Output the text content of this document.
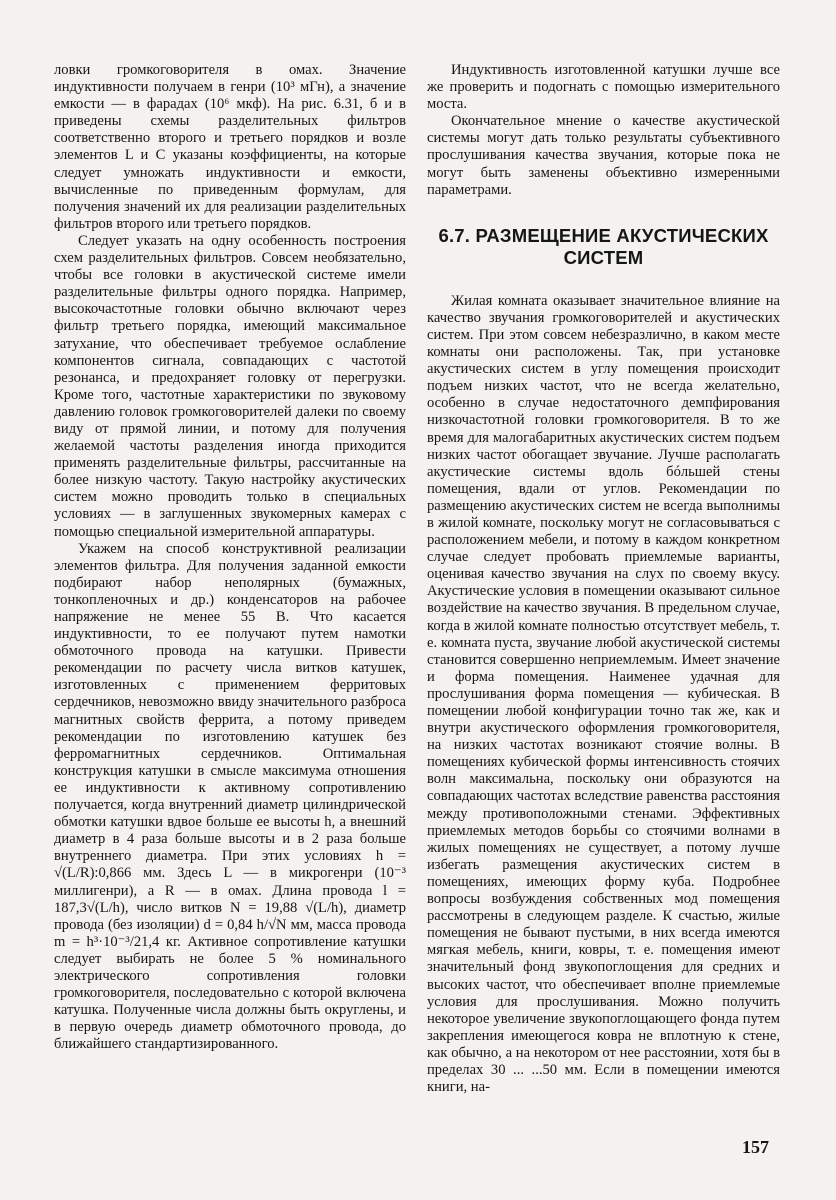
ловки громкоговорителя в омах. Значение индуктивности получаем в генри (10³ мГн), а значение емкости — в фарадах (10⁶ мкф). На рис. 6.31, б и в приведены схемы разделительных фильтров соответственно второго и третьего порядков и возле элементов L и C указаны коэффициенты, на которые следует умножать индуктивности и емкости, вычисленные по приведенным формулам, для получения значений их для реализации разделительных фильтров второго или третьего порядков.

Следует указать на одну особенность построения схем разделительных фильтров. Совсем необязательно, чтобы все головки в акустической системе имели разделительные фильтры одного порядка. Например, высокочастотные головки обычно включают через фильтр третьего порядка, имеющий максимальное затухание, что обеспечивает требуемое ослабление компонентов сигнала, совпадающих с частотой резонанса, и предохраняет головку от перегрузки. Кроме того, частотные характеристики по звуковому давлению головок громкоговорителей далеки по своему виду от прямой линии, и потому для получения желаемой частоты разделения иногда приходится применять разделительные фильтры, рассчитанные на более низкую частоту. Такую настройку акустических систем можно проводить только в специальных условиях — в заглушенных звукомерных камерах с помощью специальной измерительной аппаратуры.

Укажем на способ конструктивной реализации элементов фильтра. Для получения заданной емкости подбирают набор неполярных (бумажных, тонкопленочных и др.) конденсаторов на рабочее напряжение не менее 55 В. Что касается индуктивности, то ее получают путем намотки обмоточного провода на катушки. Привести рекомендации по расчету числа витков катушек, изготовленных с применением ферритовых сердечников, невозможно ввиду значительного разброса магнитных свойств феррита, а потому приведем рекомендации по изготовлению катушек без ферромагнитных сердечников. Оптимальная конструкция катушки в смысле максимума отношения ее индуктивности к активному сопротивлению получается, когда внутренний диаметр цилиндрической обмотки катушки вдвое больше ее высоты h, а внешний диаметр в 4 раза больше высоты и в 2 раза больше внутреннего диаметра. При этих условиях h = √(L/R):0,866 мм. Здесь L — в микрогенри (10⁻³ миллигенри), а R — в омах. Длина провода l = 187,3√(L/h), число витков N = 19,88 √(L/h), диаметр провода (без изоляции) d = 0,84 h/√N мм, масса провода m = h³·10⁻³/21,4 кг. Активное сопротивление катушки следует выбирать не более 5 % номинального электрического сопротивления головки громкоговорителя, последовательно с которой включена катушка. Полученные числа должны быть округлены, и в первую очередь диаметр обмоточного провода, до ближайшего стандартизированного.

Индуктивность изготовленной катушки лучше все же проверить и подогнать с помощью измерительного моста.

Окончательное мнение о качестве акустической системы могут дать только результаты субъективного прослушивания качества звучания, которые пока не могут быть заменены объективно измеренными параметрами.

6.7. РАЗМЕЩЕНИЕ АКУСТИЧЕСКИХ
СИСТЕМ

Жилая комната оказывает значительное влияние на качество звучания громкоговорителей и акустических систем. При этом совсем небезразлично, в каком месте комнаты они расположены. Так, при установке акустических систем в углу помещения происходит подъем низких частот, что не всегда желательно, особенно в случае недостаточного демпфирования низкочастотной головки громкоговорителя. В то же время для малогабаритных акустических систем подъем низких частот обогащает звучание. Лучше располагать акустические системы вдоль бóльшей стены помещения, вдали от углов. Рекомендации по размещению акустических систем не всегда выполнимы в жилой комнате, поскольку могут не согласовываться с расположением мебели, и потому в каждом конкретном случае следует пробовать приемлемые варианты, оценивая качество звучания на слух по своему вкусу. Акустические условия в помещении оказывают сильное воздействие на качество звучания. В предельном случае, когда в жилой комнате полностью отсутствует мебель, т. е. комната пуста, звучание любой акустической системы становится совершенно неприемлемым. Имеет значение и форма помещения. Наименее удачная для прослушивания форма помещения — кубическая. В помещении любой конфигурации точно так же, как и внутри акустического оформления громкоговорителя, на низких частотах возникают стоячие волны. В помещениях кубической формы интенсивность стоячих волн максимальна, поскольку они образуются на совпадающих частотах вследствие равенства расстояния между противоположными стенами. Эффективных приемлемых методов борьбы со стоячими волнами в жилых помещениях не существует, а потому лучше избегать размещения акустических систем в помещениях, имеющих форму куба. Подробнее вопросы возбуждения собственных мод помещения рассмотрены в следующем разделе. К счастью, жилые помещения не бывают пустыми, в них всегда имеются мягкая мебель, книги, ковры, т. е. помещения имеют значительный фонд звукопоглощения для средних и высоких частот, что обеспечивает вполне приемлемые условия для прослушивания. Можно получить некоторое увеличение звукопоглощающего фонда путем закрепления имеющегося ковра не вплотную к стене, как обычно, а на некотором от нее расстоянии, хотя бы в пределах 30 ... ...50 мм. Если в помещении имеются книги, на-

157
